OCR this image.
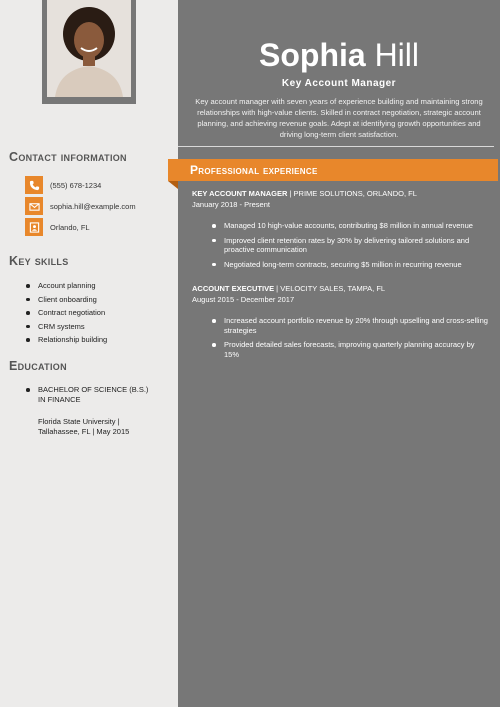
Sophia Hill
Key Account Manager
Key account manager with seven years of experience building and maintaining strong relationships with high-value clients. Skilled in contract negotiation, strategic account planning, and achieving revenue goals. Adept at identifying growth opportunities and driving long-term client satisfaction.
Contact information
(555) 678-1234
sophia.hill@example.com
Orlando, FL
Key skills
Account planning
Client onboarding
Contract negotiation
CRM systems
Relationship building
Education
BACHELOR OF SCIENCE (B.S.)
IN FINANCE
Florida State University |
Tallahassee, FL | May 2015
Professional experience
KEY ACCOUNT MANAGER | PRIME SOLUTIONS, ORLANDO, FL
January 2018 - Present
Managed 10 high-value accounts, contributing $8 million in annual revenue
Improved client retention rates by 30% by delivering tailored solutions and proactive communication
Negotiated long-term contracts, securing $5 million in recurring revenue
ACCOUNT EXECUTIVE | VELOCITY SALES, TAMPA, FL
August 2015 - December 2017
Increased account portfolio revenue by 20% through upselling and cross-selling strategies
Provided detailed sales forecasts, improving quarterly planning accuracy by 15%
